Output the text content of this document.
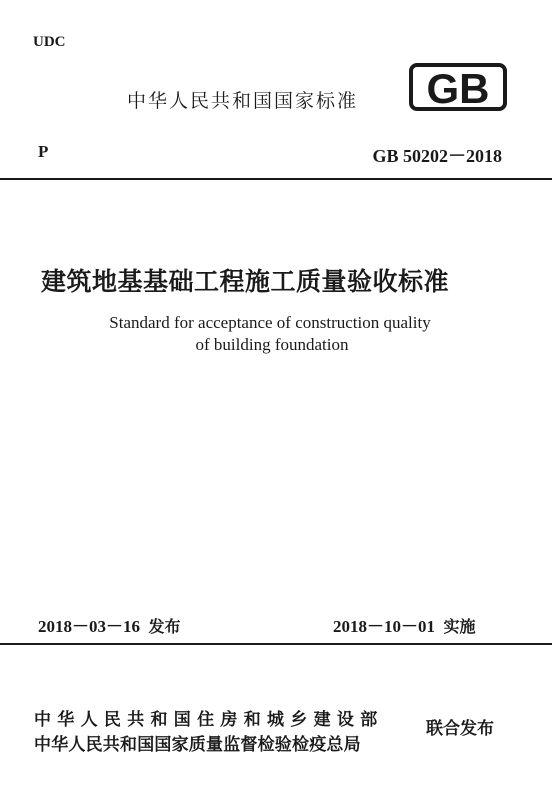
UDC
中华人民共和国国家标准 GB
P	GB 50202－2018
建筑地基基础工程施工质量验收标准
Standard for acceptance of construction quality
of building foundation
2018－03－16 发布	2018－10－01 实施
中华人民共和国住房和城乡建设部
中华人民共和国国家质量监督检验检疫总局
联合发布
